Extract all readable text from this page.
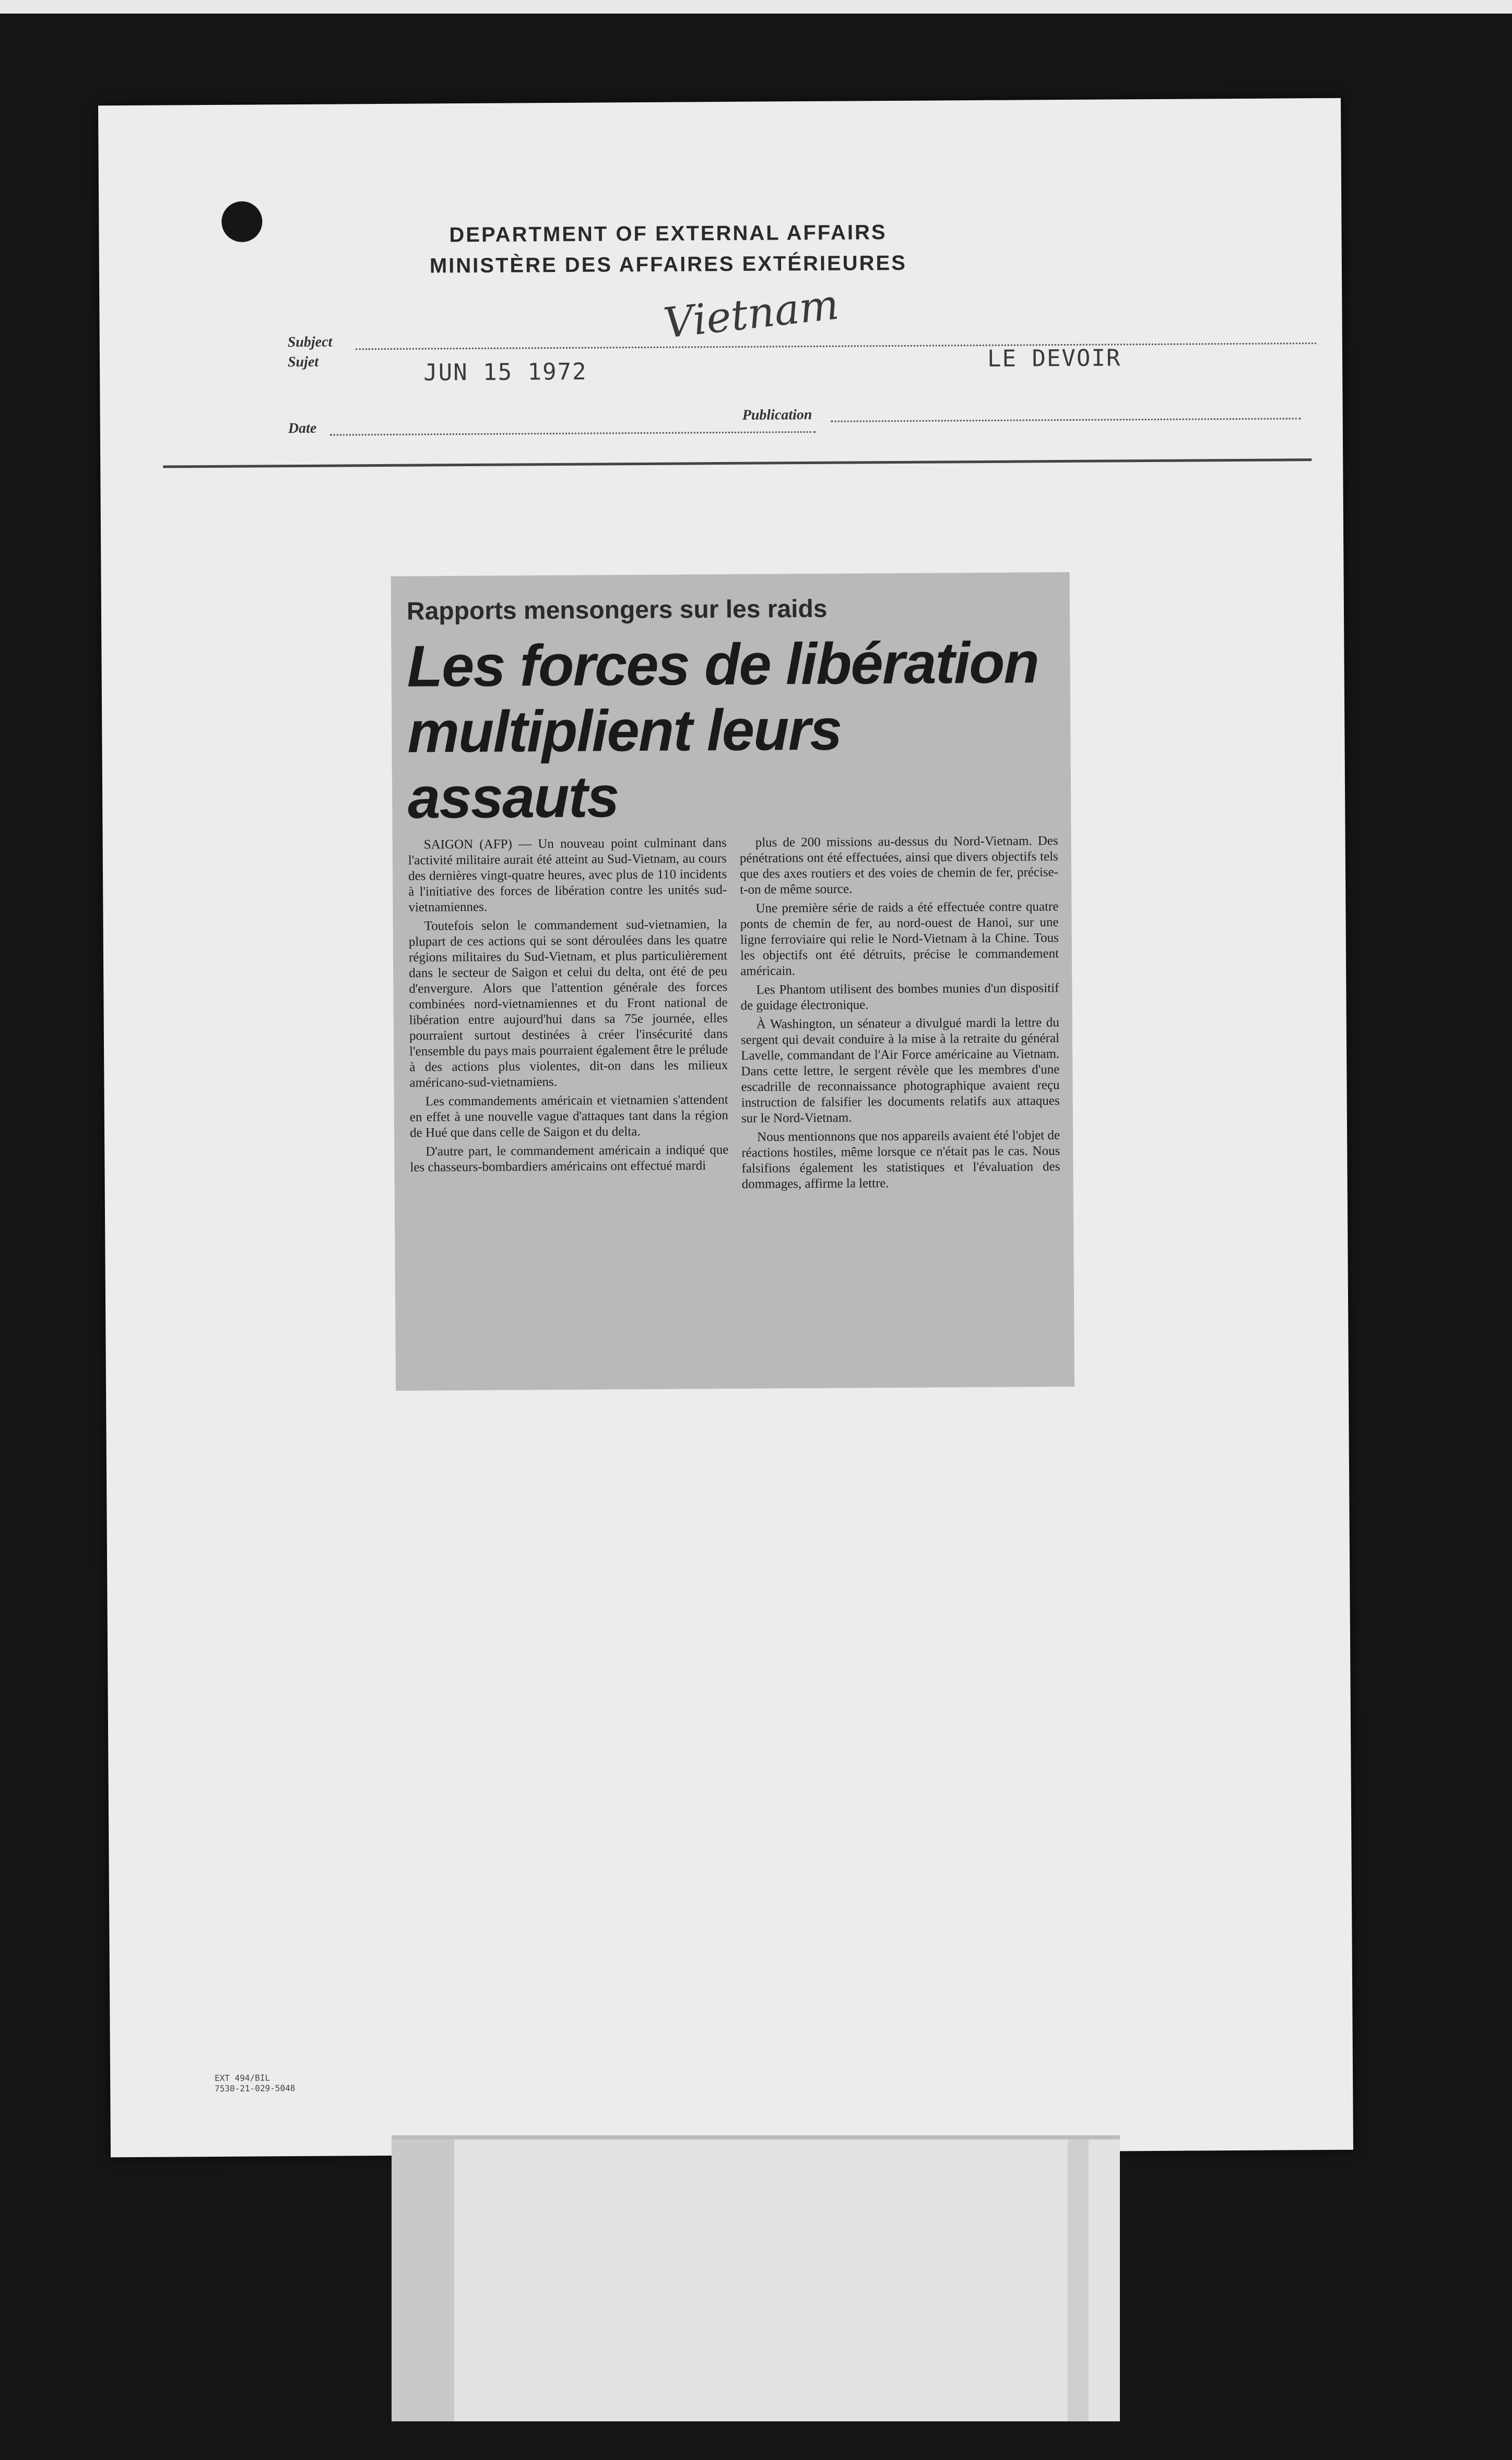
DEPARTMENT OF EXTERNAL AFFAIRS
MINISTÈRE DES AFFAIRES EXTÉRIEURES
Subject
Sujet
Vietnam
JUN 15 1972	LE DEVOIR
Date
Publication
Rapports mensongers sur les raids
Les forces de libération multiplient leurs assauts

SAIGON (AFP) — Un nouveau point culminant dans l'activité militaire aurait été atteint au Sud-Vietnam, au cours des dernières vingt-quatre heures, avec plus de 110 incidents à l'initiative des forces de libération contre les unités sud-vietnamiennes.

Toutefois selon le commandement sud-vietnamien, la plupart de ces actions qui se sont déroulées dans les quatre régions militaires du Sud-Vietnam, et plus particulièrement dans le secteur de Saigon et celui du delta, ont été de peu d'envergure. Alors que l'attention générale des forces combinées nord-vietnamiennes et du Front national de libération entre aujourd'hui dans sa 75e journée, elles pourraient surtout destinées à créer l'insécurité dans l'ensemble du pays mais pourraient également être le prélude à des actions plus violentes, dit-on dans les milieux américano-sud-vietnamiens.

Les commandements américain et vietnamien s'attendent en effet à une nouvelle vague d'attaques tant dans la région de Hué que dans celle de Saigon et du delta.

D'autre part, le commandement américain a indiqué que les chasseurs-bombardiers américains ont effectué mardi

plus de 200 missions au-dessus du Nord-Vietnam. Des pénétrations ont été effectuées, ainsi que divers objectifs tels que des axes routiers et des voies de chemin de fer, précise-t-on de même source.

Une première série de raids a été effectuée contre quatre ponts de chemin de fer, au nord-ouest de Hanoi, sur une ligne ferroviaire qui relie le Nord-Vietnam à la Chine. Tous les objectifs ont été détruits, précise le commandement américain.

Les Phantom utilisent des bombes munies d'un dispositif de guidage électronique.

À Washington, un sénateur a divulgué mardi la lettre du sergent qui devait conduire à la mise à la retraite du général Lavelle, commandant de l'Air Force américaine au Vietnam. Dans cette lettre, le sergent révèle que les membres d'une escadrille de reconnaissance photographique avaient reçu instruction de falsifier les documents relatifs aux attaques sur le Nord-Vietnam.

Nous mentionnons que nos appareils avaient été l'objet de réactions hostiles, même lorsque ce n'était pas le cas. Nous falsifions également les statistiques et l'évaluation des dommages, affirme la lettre.

EXT 494/BIL
7530-21-029-5048
